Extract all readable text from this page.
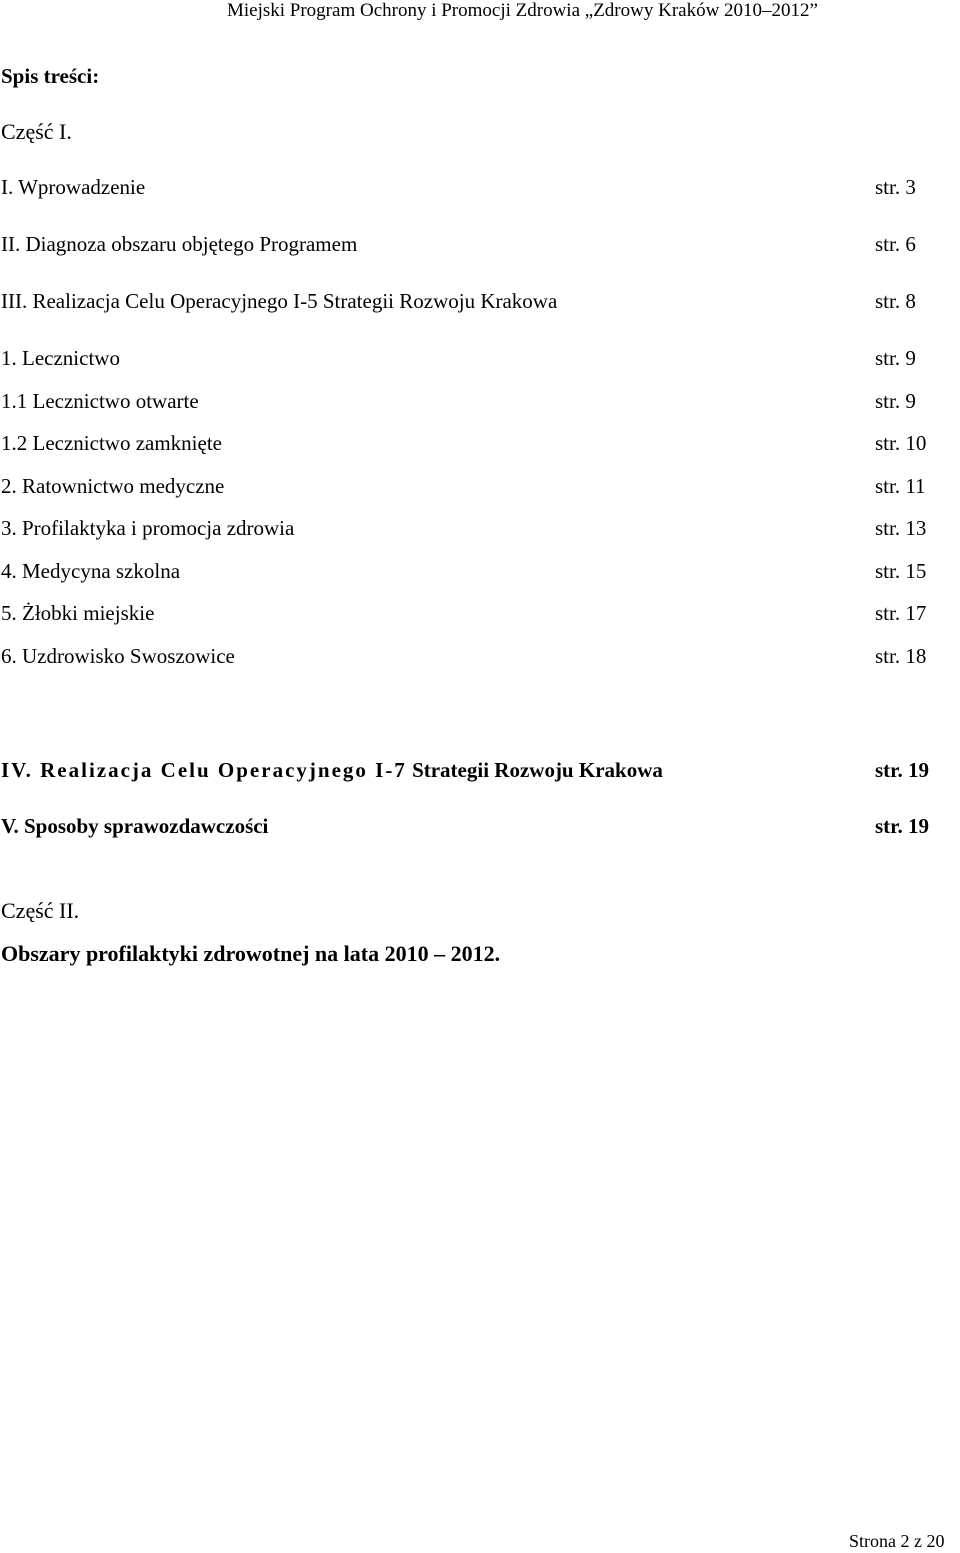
Miejski Program Ochrony i Promocji Zdrowia „Zdrowy Kraków 2010–2012”
Spis treści:
Część I.
I. Wprowadzenie	str. 3
II. Diagnoza obszaru objętego Programem	str. 6
III. Realizacja Celu Operacyjnego I-5 Strategii Rozwoju Krakowa	str. 8
1. Lecznictwo	str. 9
1.1 Lecznictwo otwarte	str. 9
1.2 Lecznictwo zamknięte	str. 10
2. Ratownictwo medyczne	str. 11
3. Profilaktyka i promocja zdrowia	str. 13
4. Medycyna szkolna	str. 15
5. Żłobki miejskie	str. 17
6. Uzdrowisko Swoszowice	str. 18
IV. Realizacja Celu Operacyjnego I-7 Strategii Rozwoju Krakowa	str. 19
V. Sposoby sprawozdawczości	str. 19
Część II.
Obszary profilaktyki zdrowotnej na lata 2010 – 2012.
Strona 2 z 20
